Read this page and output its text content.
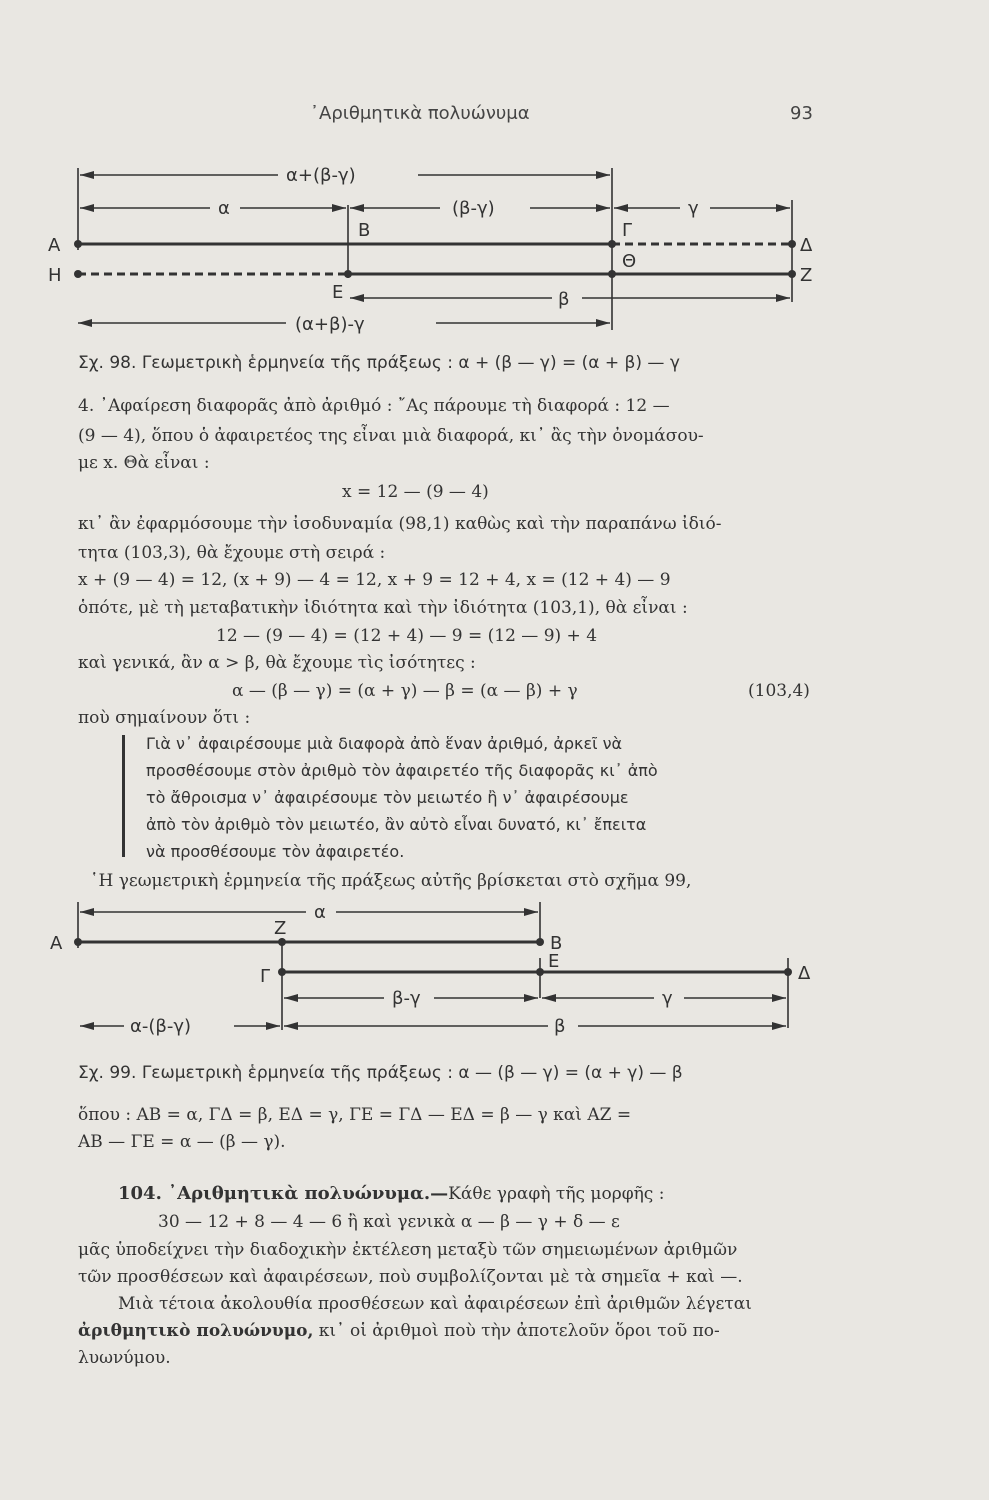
᾿Αριθμητικὰ πολυώνυμα	93
α+(β-γ)
α	(β-γ)	γ
A
B	Γ
Δ
H
Θ
Z
E	β
(α+β)-γ
Σχ. 98. Γεωμετρικὴ ἑρμηνεία τῆς πράξεως : α + (β — γ) = (α + β) — γ
4. ᾿Αφαίρεση διαφορᾶς ἀπὸ ἀριθμό : ῎Ας πάρουμε τὴ διαφορά : 12 —
(9 — 4), ὅπου ὁ ἀφαιρετέος της εἶναι μιὰ διαφορά, κι᾿ ἂς τὴν ὀνομάσου-
με x. Θὰ εἶναι :
x = 12 — (9 — 4)
κι᾿ ἂν ἐφαρμόσουμε τὴν ἰσοδυναμία (98,1) καθὼς καὶ τὴν παραπάνω ἰδιό-
τητα (103,3), θὰ ἔχουμε στὴ σειρά :
x + (9 — 4) = 12, (x + 9) — 4 = 12, x + 9 = 12 + 4, x = (12 + 4) — 9
ὁπότε, μὲ τὴ μεταβατικὴν ἰδιότητα καὶ τὴν ἰδιότητα (103,1), θὰ εἶναι :
12 — (9 — 4) = (12 + 4) — 9 = (12 — 9) + 4
καὶ γενικά, ἂν α > β, θὰ ἔχουμε τὶς ἰσότητες :
α — (β — γ) = (α + γ) — β = (α — β) + γ	(103,4)
ποὺ σημαίνουν ὅτι :
Γιὰ ν᾿ ἀφαιρέσουμε μιὰ διαφορὰ ἀπὸ ἕναν ἀριθμό, ἀρκεῖ νὰ
προσθέσουμε στὸν ἀριθμὸ τὸν ἀφαιρετέο τῆς διαφορᾶς κι᾿ ἀπὸ
τὸ ἄθροισμα ν᾿ ἀφαιρέσουμε τὸν μειωτέο ἢ ν᾿ ἀφαιρέσουμε
ἀπὸ τὸν ἀριθμὸ τὸν μειωτέο, ἂν αὐτὸ εἶναι δυνατό, κι᾿ ἔπειτα
νὰ προσθέσουμε τὸν ἀφαιρετέο.
῾Η γεωμετρικὴ ἑρμηνεία τῆς πράξεως αὐτῆς βρίσκεται στὸ σχῆμα 99,
α
Z
A	B
E
Γ	Δ
β-γ	γ
α-(β-γ)	β
Σχ. 99. Γεωμετρικὴ ἑρμηνεία τῆς πράξεως : α — (β — γ) = (α + γ) — β
ὅπου : ΑΒ = α, ΓΔ = β, ΕΔ = γ, ΓΕ = ΓΔ — ΕΔ = β — γ καὶ ΑΖ =
ΑΒ — ΓΕ = α — (β — γ).
104. ᾿Αριθμητικὰ πολυώνυμα.—Κάθε γραφὴ τῆς μορφῆς :
30 — 12 + 8 — 4 — 6 ἢ καὶ γενικὰ α — β — γ + δ — ε
μᾶς ὑποδείχνει τὴν διαδοχικὴν ἐκτέλεση μεταξὺ τῶν σημειωμένων ἀριθμῶν
τῶν προσθέσεων καὶ ἀφαιρέσεων, ποὺ συμβολίζονται μὲ τὰ σημεῖα + καὶ —.
Μιὰ τέτοια ἀκολουθία προσθέσεων καὶ ἀφαιρέσεων ἐπὶ ἀριθμῶν λέγεται
ἀριθμητικὸ πολυώνυμο, κι᾿ οἱ ἀριθμοὶ ποὺ τὴν ἀποτελοῦν ὅροι τοῦ πο-
λυωνύμου.
